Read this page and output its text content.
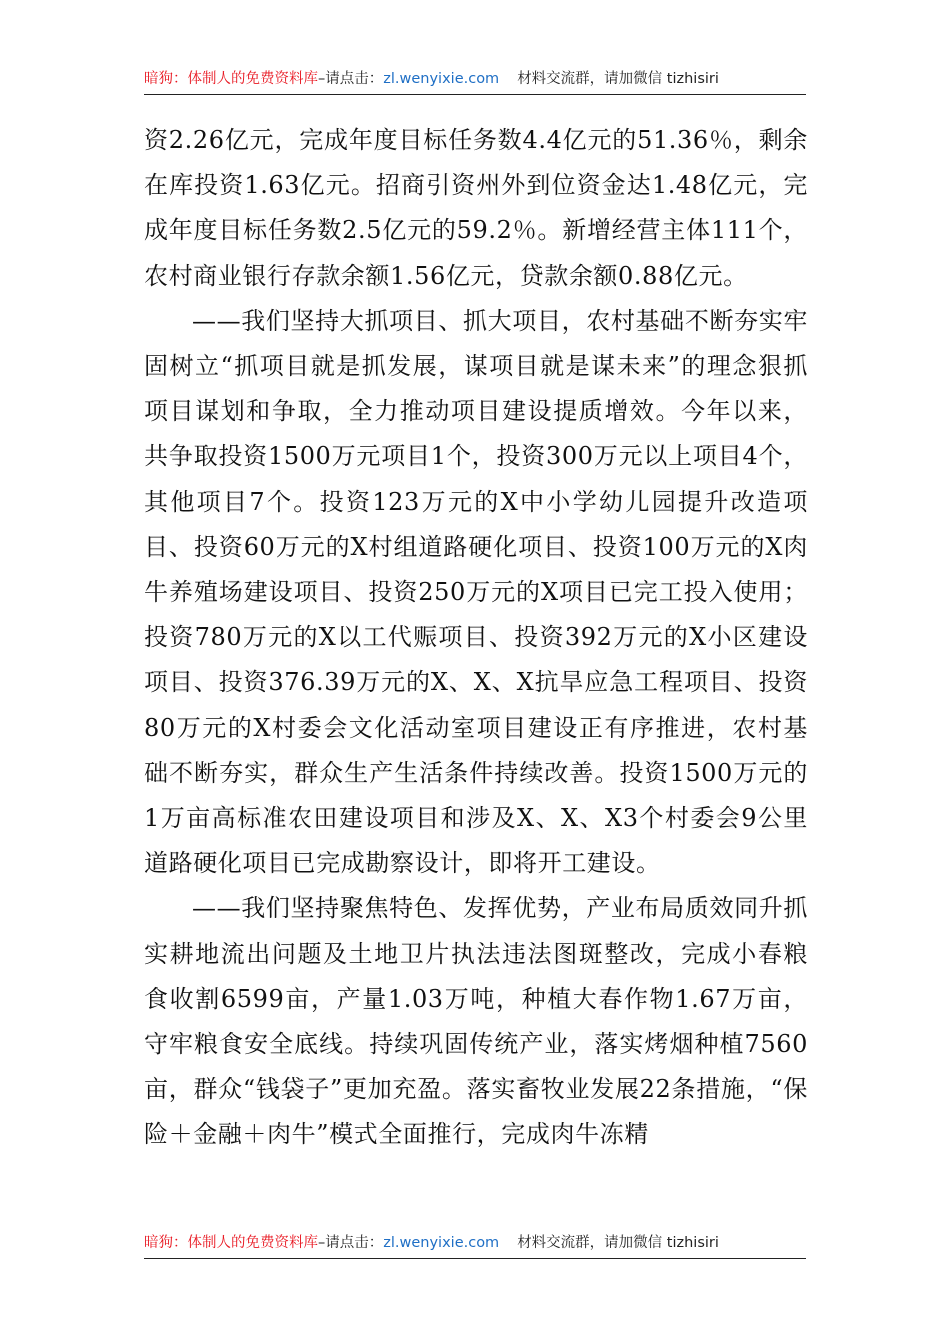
暗狗：体制人的免费资料库 –请点击： zl.wenyixie.com 材料交流群，请加微信 tizhisiri

资2.26亿元，完成年度目标任务数4.4亿元的51.36％，剩余在库投资1.63亿元。招商引资州外到位资金达1.48亿元，完成年度目标任务数2.5亿元的59.2％。新增经营主体111个，农村商业银行存款余额1.56亿元，贷款余额0.88亿元。

——我们坚持大抓项目、抓大项目，农村基础不断夯实牢固树立“抓项目就是抓发展，谋项目就是谋未来”的理念狠抓项目谋划和争取，全力推动项目建设提质增效。今年以来，共争取投资1500万元项目1个，投资300万元以上项目4个，其他项目7个。投资123万元的X中小学幼儿园提升改造项目、投资60万元的X村组道路硬化项目、投资100万元的X肉牛养殖场建设项目、投资250万元的X项目已完工投入使用；投资780万元的X以工代赈项目、投资392万元的X小区建设项目、投资376.39万元的X、X、X抗旱应急工程项目、投资80万元的X村委会文化活动室项目建设正有序推进，农村基础不断夯实，群众生产生活条件持续改善。投资1500万元的1万亩高标准农田建设项目和涉及X、X、X3个村委会9公里道路硬化项目已完成勘察设计，即将开工建设。

——我们坚持聚焦特色、发挥优势，产业布局质效同升抓实耕地流出问题及土地卫片执法违法图斑整改，完成小春粮食收割6599亩，产量1.03万吨，种植大春作物1.67万亩，守牢粮食安全底线。持续巩固传统产业，落实烤烟种植7560亩，群众“钱袋子”更加充盈。落实畜牧业发展22条措施，“保险＋金融＋肉牛”模式全面推行，完成肉牛冻精

暗狗：体制人的免费资料库 –请点击： zl.wenyixie.com 材料交流群，请加微信 tizhisiri
